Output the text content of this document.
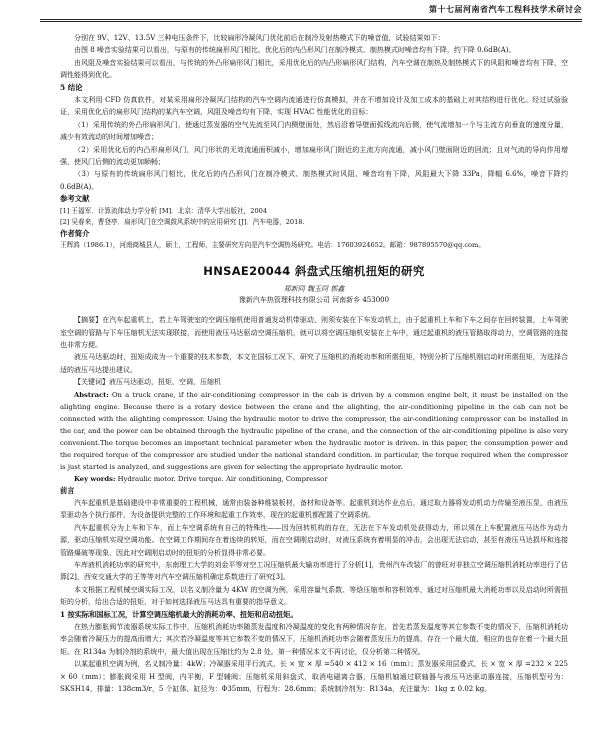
第十七届河南省汽车工程科技学术研讨会

分别在 9V、12V、13.5V 三种电压条件下，比较扁形冷凝风门优化前后在制冷及射热模式下的噪音值，试验结果如下：

由图 8 噪音实验结果可以看出，与原有的传统扁形风门相比，优化后的内凸形风门在制冷模式、制热模式时噪音均有下降，约下降 0.6dB(A)。

由风阻及噪音实验结果可以看出，与传统的外凸形扁形风门相比，采用优化后的内凸形扁形风门结构，汽车空调在制热及制热模式下的风阻和噪音均有下降，空调性能得到优化。

5 结论

本文利用 CFD 仿真软件，对某采用扁形冷凝风门结构的汽车空调内流通进行仿真模拟，并在不增加设计及加工成本的基础上对其结构进行优化。经过试验验证，采用优化后的扁形风门结构的某汽车空调，风阻及噪音均有下降，实现 HVAC 性能优化的目标：

（1）采用传统的外凸形扁形风门，使通过蒸发器的空气先流至风门内侧壁面处，然后沿着导壁面弧线流向后侧，使气流增加一个与主流方向垂直的速度分量，减少有效流动的时间增加噪音；

（2）采用优化后的内凸形扁形风门，风门形状的无效流通面积减小，增加扁形风门附近的主流方向流通，减小风门壁面附近的回流；且对气流的导向作用增强，使风门后侧的流动更加顺畅；

（3）与原有的传统扁形风门相比，优化后的内凸形风门在制冷模式、制热模式时风阻、噪音均有下降，风阻最大下降 33Pa，降幅 6.6%，噪音下降约 0.6dB(A)。

参考文献

[1] 王福军．计算流体动力学分析 [M]．北京：清华大学出版社，2004

[2] 吴春来，曹登亭．扁形风门在空调鼓风系统中的应用研究 [J]．汽车电器，2018.

作者简介

王辉鸿（1986.1），河南商城县人，硕士，工程师，主要研究方向是汽车空调热场研究。电话：17603924652。邮箱：987895570@qq.com。

HNSAE20044 斜盘式压缩机扭矩的研究

郑新同 魏玉同 郭鑫

豫新汽车热管理科技有限公司 河南新乡 453000

【摘要】在汽车起重机上，若上车驾驶室的空调压缩机使用普通发动机带驱动，则须安装在下车发动机上，由于起重机上车和下车之间存在回转装置，上车驾驶室空调的管路与下车压缩机无法实现联接，而使用液压马达驱动空调压缩机，就可以将空调压缩机安装在上车中，通过起重机的液压管路取得动力，空调管路的连接也非常方便。

液压马达驱动时，扭矩成成为一个重要的技术参数，本文在国标工况下，研究了压缩机的消耗功率和所需扭矩，特别分析了压缩机刚启动时所需扭矩，为选择合适的液压马达提出建议。

【关键词】液压马达驱动，扭矩，空调，压缩机

Abstract: On a truck crane, if the air-conditioning compressor in the cab is driven by a common engine belt, it must be installed on the alighting engine. Because there is a rotary device between the crane and the alighting, the air-conditioning pipeline in the cab can not be connected with the alighting compressor. Using the hydraulic motor to drive the compressor, the air-conditioning compressor can be installed in the car, and the power can be obtained through the hydraulic pipeline of the crane, and the connection of the air-conditioning pipeline is also very convenient.The torque becomes an important technical parameter when the hydraulic motor is driven. in this paper, the consumption power and the required torque of the compressor are studied under the national standard condition. in particular, the torque required when the compressor is just started is analyzed, and suggestions are given for selecting the appropriate hydraulic motor.

Key words: Hydraulic motor. Drive torque. Air conditioning, Compressor

前言

汽车起重机是基础建设中非常重要的工程机械，通常由装备种维装板材，备材和设备等。起重机到达作业点后，通过取力器将发动机动力传输至液压泵，由液压泵驱动各个执行部件，为设备提供完整的工作环境和起重工作效率，现在的起重机都配置了空调系统。

汽车起重机分为上车和下车，而上车空调系统有自己的特殊性——因为回转机构的存在，无法在下车发动机处获得动力，所以须在上车配置液压马达作为动力源，驱动压缩机实现空调功能。在空调工作期间存在着连续的转矩，而在空调刚启动时，对液压系统有着明显的冲击，会出现无法启动，甚至有液压马达损坏和连接管路爆破等现象，因此对空调刚启动时的扭矩的分析显得非常必要。

车库液机消耗功率的研究中，东南理工大学的刘金平等对空工况压缩机最大输功率进行了分析[1]，贵州汽车改装厂的曾旺对非独立空调压缩机消耗功率进行了估算[2]，西安交通大学的王等等对汽车空调压缩机确定系数进行了研究[3]。

本文根据工程机械空调实际工况，以名义制冷量为 4KW 的空调为例，采用容量气系数、等焓压缩率和容积效率，通过对压缩机最大消耗功率以及启动时所需扭矩的分析，给出合适的扭矩，对于如何选择液压马达具有重要的指导意义。

1 按实际和国标工况，计算空调压缩机最大的消耗功率、扭矩和启动扭矩。

在热力膨胀阀节流器系统实际工作中，压缩机消耗功率随蒸发温度和冷凝温度的变化有两种情况存在，首先若蒸发温度等其它参数不变的情况下，压缩机消耗功率会随着冷凝压力的提高而增大；其次若冷凝温度等其它参数不变的情况下，压缩机消耗功率会随着蒸发压力的提高，存在一个最大值，相应的也存在着一个最大扭矩。在 R134a 为制冷剂的系统中，最大值出现在压缩比约为 2.8 处。第一种情况本文不再讨论，仅分析第二种情况。

以某起重机空调为例，名义制冷量：4kW；冷凝器采用平行流式，长 × 宽 × 厚 =540 × 412 × 16（mm）；蒸发器采用层叠式，长 × 宽 × 厚 =232 × 225 × 60（mm）；膨胀阀采用 H 型阀，内平衡，F 型辅阀；压缩机采用斜盘式，取消电磁离合器，压缩机轴通过联轴器与液压马达驱动器连接，压缩机型号为：SKSH14，排量：138cm3/r，5 个缸体，缸径为：Φ35mm，行程为：28.6mm；系统制冷剂为：R134a，充注量为：1kg ± 0.02 kg。
